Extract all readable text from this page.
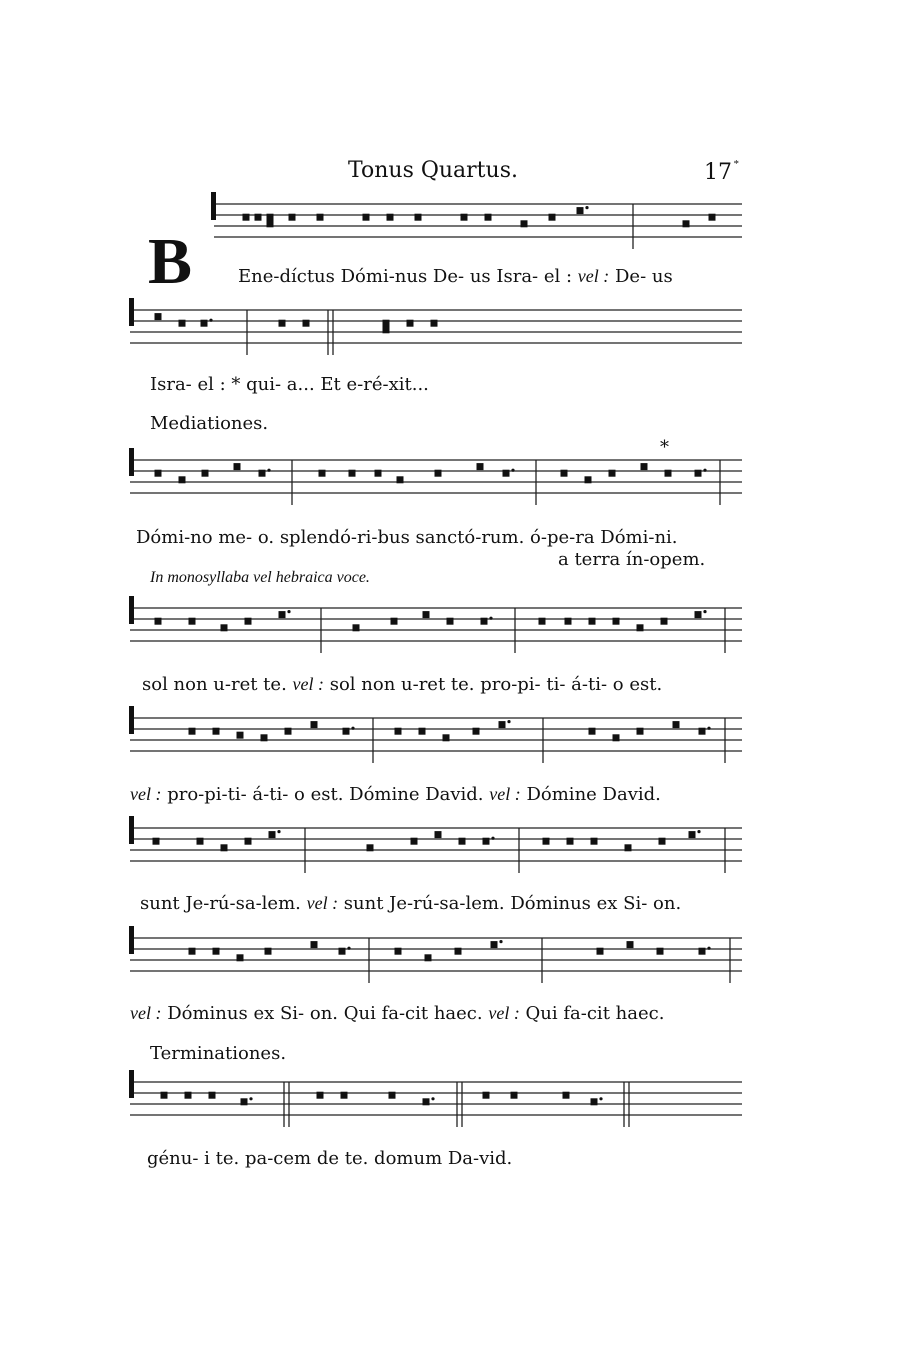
Tonus Quartus.	17 *
B
Mediationes.
In monosyllaba vel hebraica voce.
Terminationes.
Ene-díctus Dómi-nus De- us Isra- el : vel : De- us
Isra- el : * qui- a... Et e-ré-xit...
Dómi-no me- o. splendó-ri-bus sanctó-rum. ó-pe-ra Dómi-ni.
a terra ín-opem.
sol non u-ret te. vel : sol non u-ret te. pro-pi- ti- á-ti- o est.
vel : pro-pi-ti- á-ti- o est. Dómine David. vel : Dómine David.
sunt Je-rú-sa-lem. vel : sunt Je-rú-sa-lem. Dóminus ex Si- on.
vel : Dóminus ex Si- on. Qui fa-cit haec. vel : Qui fa-cit haec.
génu- i te. pa-cem de te. domum Da-vid.
*
